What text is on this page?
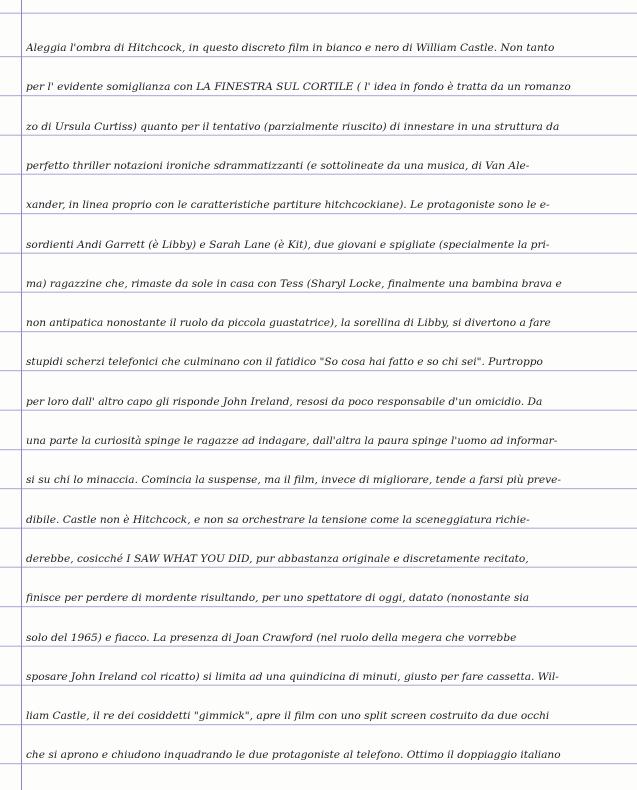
Aleggia l'ombra di Hitchcock, in questo discreto film in bianco e nero di William Castle. Non tanto
per l' evidente somiglianza con LA FINESTRA SUL CORTILE ( l' idea in fondo è tratta da un romanzo
zo di Ursula Curtiss) quanto per il tentativo (parzialmente riuscito) di innestare in una struttura da
perfetto thriller notazioni ironiche sdrammatizzanti (e sottolineate da una musica, di Van Ale-
xander, in linea proprio con le caratteristiche partiture hitchcockiane). Le protagoniste sono le e-
sordienti Andi Garrett (è Libby) e Sarah Lane (è Kit), due giovani e spigliate (specialmente la pri-
ma) ragazzine che, rimaste da sole in casa con Tess (Sharyl Locke, finalmente una bambina brava e
non antipatica nonostante il ruolo da piccola guastatrice), la sorellina di Libby, si divertono a fare
stupidi scherzi telefonici che culminano con il fatidico "So cosa hai fatto e so chi sei". Purtroppo
per loro dall' altro capo gli risponde John Ireland, resosi da poco responsabile d'un omicidio. Da
una parte la curiosità spinge le ragazze ad indagare, dall'altra la paura spinge l'uomo ad informar-
si su chi lo minaccia. Comincia la suspense, ma il film, invece di migliorare, tende a farsi più preve-
dibile. Castle non è Hitchcock, e non sa orchestrare la tensione come la sceneggiatura richie-
derebbe, cosicché I SAW WHAT YOU DID, pur abbastanza originale e discretamente recitato,
finisce per perdere di mordente risultando, per uno spettatore di oggi, datato (nonostante sia
solo del 1965) e fiacco. La presenza di Joan Crawford (nel ruolo della megera che vorrebbe
sposare John Ireland col ricatto) si limita ad una quindicina di minuti, giusto per fare cassetta. Wil-
liam Castle, il re dei cosiddetti "gimmick", apre il film con uno split screen costruito da due occhi
che si aprono e chiudono inquadrando le due protagoniste al telefono. Ottimo il doppiaggio italiano
